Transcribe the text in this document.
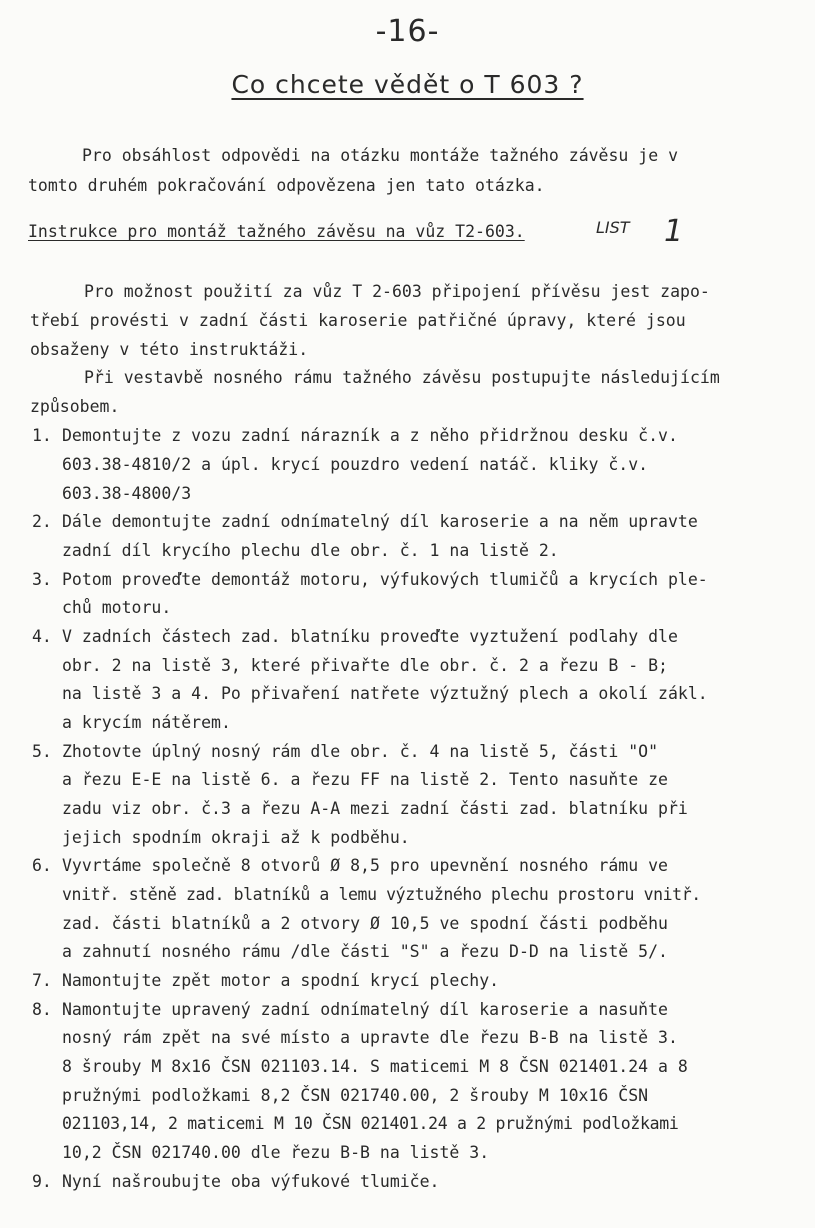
-16-
Co chcete vědět o T 603 ?
Pro obsáhlost odpovědi na otázku montáže tažného závěsu je v
tomto druhém pokračování odpovězena jen tato otázka.
Instrukce pro montáž tažného závěsu na vůz T2-603.	LIST 1
Pro možnost použití za vůz T 2-603 připojení přívěsu jest zapo-
třebí provésti v zadní části karoserie patřičné úpravy, které jsou
obsaženy v této instruktáži.
Při vestavbě nosného rámu tažného závěsu postupujte následujícím
způsobem.
1. Demontujte z vozu zadní nárazník a z něho přidržnou desku č.v.
603.38-4810/2 a úpl. krycí pouzdro vedení natáč. kliky č.v.
603.38-4800/3
2. Dále demontujte zadní odnímatelný díl karoserie a na něm upravte
zadní díl krycího plechu dle obr. č. 1 na listě 2.
3. Potom proveďte demontáž motoru, výfukových tlumičů a krycích ple-
chů motoru.
4. V zadních částech zad. blatníku proveďte vyztužení podlahy dle
obr. 2 na listě 3, které přivařte dle obr. č. 2 a řezu B - B;
na listě 3 a 4. Po přivaření natřete výztužný plech a okolí zákl.
a krycím nátěrem.
5. Zhotovte úplný nosný rám dle obr. č. 4 na listě 5, části "O"
a řezu E-E na listě 6. a řezu FF na listě 2. Tento nasuňte ze
zadu viz obr. č.3 a řezu A-A mezi zadní části zad. blatníku při
jejich spodním okraji až k podběhu.
6. Vyvrtáme společně 8 otvorů Ø 8,5 pro upevnění nosného rámu ve
vnitř. stěně zad. blatníků a lemu výztužného plechu prostoru vnitř.
zad. části blatníků a 2 otvory Ø 10,5 ve spodní části podběhu
a zahnutí nosného rámu /dle části "S" a řezu D-D na listě 5/.
7. Namontujte zpět motor a spodní krycí plechy.
8. Namontujte upravený zadní odnímatelný díl karoserie a nasuňte
nosný rám zpět na své místo a upravte dle řezu B-B na listě 3.
8 šrouby M 8x16 ČSN 021103.14. S maticemi M 8 ČSN 021401.24 a 8
pružnými podložkami 8,2 ČSN 021740.00, 2 šrouby M 10x16 ČSN
021103,14, 2 maticemi M 10 ČSN 021401.24 a 2 pružnými podložkami
10,2 ČSN 021740.00 dle řezu B-B na listě 3.
9. Nyní našroubujte oba výfukové tlumiče.
